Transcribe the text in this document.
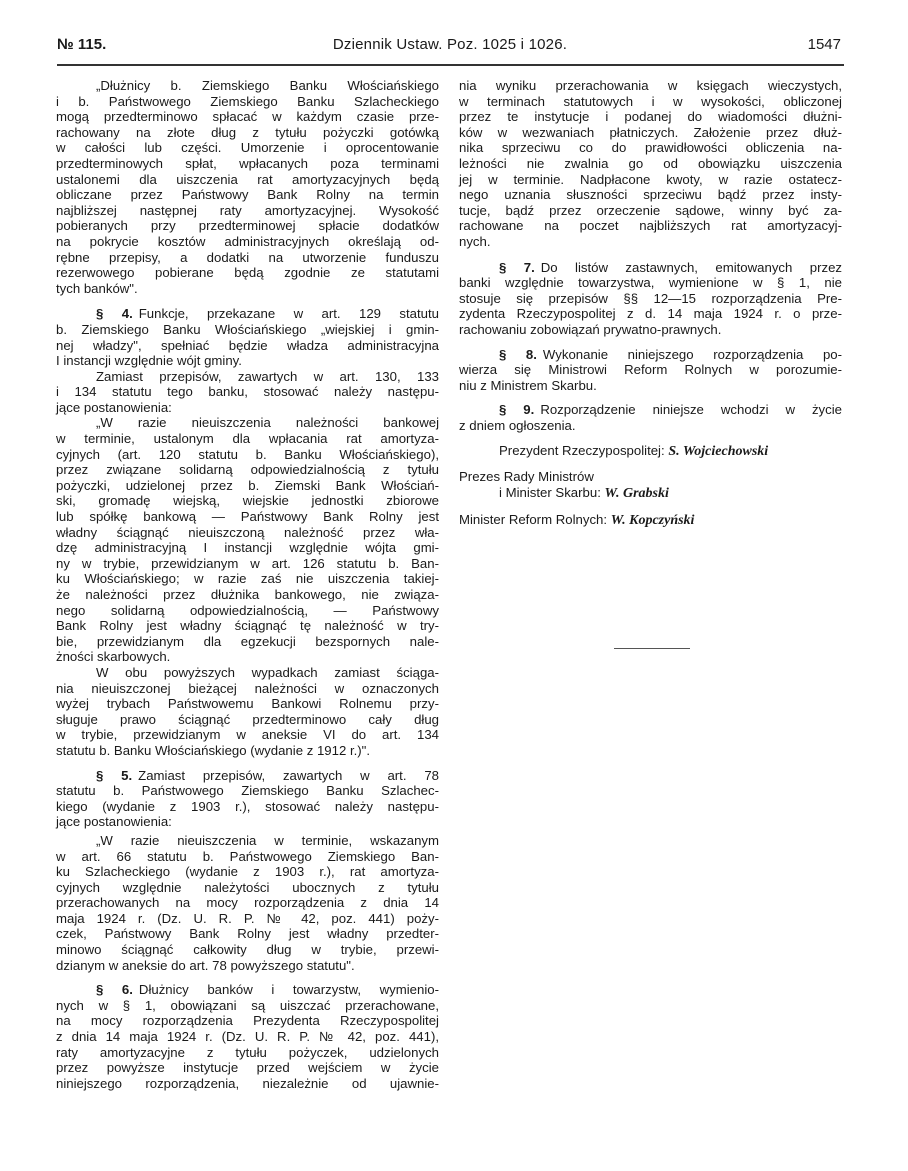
№ 115.	Dziennik Ustaw. Poz. 1025 i 1026.	1547
„Dłużnicy b. Ziemskiego Banku Włościańskiego
i b. Państwowego Ziemskiego Banku Szlacheckiego
mogą przedterminowo spłacać w każdym czasie prze-
rachowany na złote dług z tytułu pożyczki gotówką
w całości lub części. Umorzenie i oprocentowanie
przedterminowych spłat, wpłacanych poza terminami
ustalonemi dla uiszczenia rat amortyzacyjnych będą
obliczane przez Państwowy Bank Rolny na termin
najbliższej następnej raty amortyzacyjnej. Wysokość
pobieranych przy przedterminowej spłacie dodatków
na pokrycie kosztów administracyjnych określają od-
rębne przepisy, a dodatki na utworzenie funduszu
rezerwowego pobierane będą zgodnie ze statutami
tych banków".
§ 4. Funkcje, przekazane w art. 129 statutu
b. Ziemskiego Banku Włościańskiego „wiejskiej i gmin-
nej władzy", spełniać będzie władza administracyjna
I instancji względnie wójt gminy.
Zamiast przepisów, zawartych w art. 130, 133
i 134 statutu tego banku, stosować należy następu-
jące postanowienia:
„W razie nieuiszczenia należności bankowej
w terminie, ustalonym dla wpłacania rat amortyza-
cyjnych (art. 120 statutu b. Banku Włościańskiego),
przez związane solidarną odpowiedzialnością z tytułu
pożyczki, udzielonej przez b. Ziemski Bank Włościań-
ski, gromadę wiejską, wiejskie jednostki zbiorowe
lub spółkę bankową — Państwowy Bank Rolny jest
władny ściągnąć nieuiszczoną należność przez wła-
dzę administracyjną I instancji względnie wójta gmi-
ny w trybie, przewidzianym w art. 126 statutu b. Ban-
ku Włościańskiego; w razie zaś nie uiszczenia takiej-
że należności przez dłużnika bankowego, nie związa-
nego solidarną odpowiedzialnością, — Państwowy
Bank Rolny jest władny ściągnąć tę należność w try-
bie, przewidzianym dla egzekucji bezspornych nale-
żności skarbowych.
W obu powyższych wypadkach zamiast ściąga-
nia nieuiszczonej bieżącej należności w oznaczonych
wyżej trybach Państwowemu Bankowi Rolnemu przy-
sługuje prawo ściągnąć przedterminowo cały dług
w trybie, przewidzianym w aneksie VI do art. 134
statutu b. Banku Włościańskiego (wydanie z 1912 r.)".
§ 5. Zamiast przepisów, zawartych w art. 78
statutu b. Państwowego Ziemskiego Banku Szlachec-
kiego (wydanie z 1903 r.), stosować należy następu-
jące postanowienia:
„W razie nieuiszczenia w terminie, wskazanym
w art. 66 statutu b. Państwowego Ziemskiego Ban-
ku Szlacheckiego (wydanie z 1903 r.), rat amortyza-
cyjnych względnie należytości ubocznych z tytułu
przerachowanych na mocy rozporządzenia z dnia 14
maja 1924 r. (Dz. U. R. P. № 42, poz. 441) poży-
czek, Państwowy Bank Rolny jest władny przedter-
minowo ściągnąć całkowity dług w trybie, przewi-
dzianym w aneksie do art. 78 powyższego statutu".
§ 6. Dłużnicy banków i towarzystw, wymienio-
nych w § 1, obowiązani są uiszczać przerachowane,
na mocy rozporządzenia Prezydenta Rzeczypospolitej
z dnia 14 maja 1924 r. (Dz. U. R. P. № 42, poz. 441),
raty amortyzacyjne z tytułu pożyczek, udzielonych
przez powyższe instytucje przed wejściem w życie
niniejszego rozporządzenia, niezależnie od ujawnie-
nia wyniku przerachowania w księgach wieczystych,
w terminach statutowych i w wysokości, obliczonej
przez te instytucje i podanej do wiadomości dłużni-
ków w wezwaniach płatniczych. Założenie przez dłuż-
nika sprzeciwu co do prawidłowości obliczenia na-
leżności nie zwalnia go od obowiązku uiszczenia
jej w terminie. Nadpłacone kwoty, w razie ostatecz-
nego uznania słuszności sprzeciwu bądź przez insty-
tucje, bądź przez orzeczenie sądowe, winny być za-
rachowane na poczet najbliższych rat amortyzacyj-
nych.
§ 7. Do listów zastawnych, emitowanych przez
banki względnie towarzystwa, wymienione w § 1, nie
stosuje się przepisów §§ 12—15 rozporządzenia Pre-
zydenta Rzeczypospolitej z d. 14 maja 1924 r. o prze-
rachowaniu zobowiązań prywatno-prawnych.
§ 8. Wykonanie niniejszego rozporządzenia po-
wierza się Ministrowi Reform Rolnych w porozumie-
niu z Ministrem Skarbu.
§ 9. Rozporządzenie niniejsze wchodzi w życie
z dniem ogłoszenia.

Prezydent Rzeczypospolitej: S. Wojciechowski

Prezes Rady Ministrów

i Minister Skarbu: W. Grabski

Minister Reform Rolnych: W. Kopczyński
